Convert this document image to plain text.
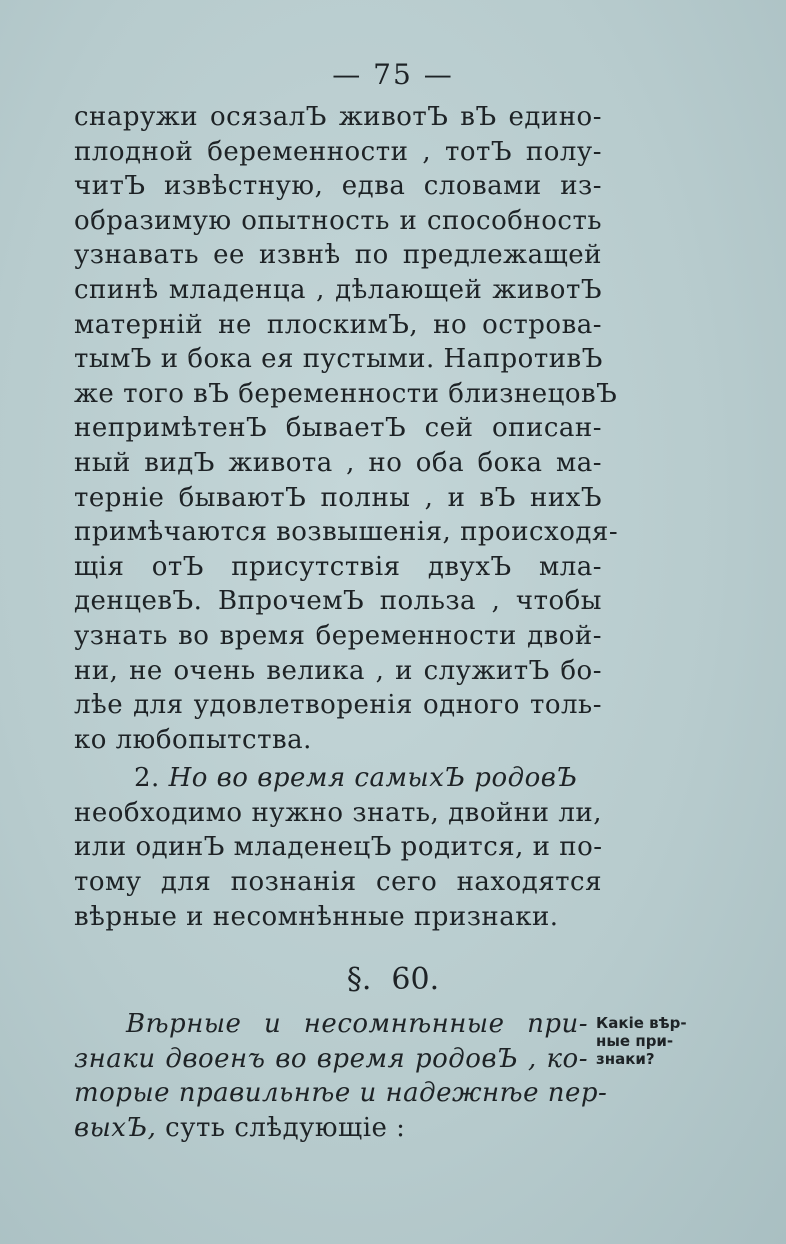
— 75 —
снаружи осязалЪ животЪ вЪ едино-
плодной беременности , тотЪ полу-
читЪ извѣстную, едва словами из-
образимую опытность и способность
узнавать ее извнѣ по предлежащей
спинѣ младенца , дѣлающей животЪ
матерній не плоскимЪ, но острова-
тымЪ и бока ея пустыми. НапротивЪ
же того вЪ беременности близнецовЪ
непримѣтенЪ бываетЪ сей описан-
ный видЪ живота , но оба бока ма-
терніе бываютЪ полны , и вЪ нихЪ
примѣчаются возвышенія, происходя-
щія отЪ присутствія двухЪ мла-
денцевЪ. ВпрочемЪ польза , чтобы
узнать во время беременности двой-
ни, не очень велика , и служитЪ бо-
лѣе для удовлетворенія одного толь-
ко любопытства.
2. Но во время самыхЪ родовЪ
необходимо нужно знать, двойни ли,
или одинЪ младенецЪ родится, и по-
тому для познанія сего находятся
вѣрные и несомнѣнные признаки.
§. 60.
Вѣрные и несомнѣнные при-
знаки двоенъ во время родовЪ , ко-
торые правильнѣе и надежнѣе пер-
выхЪ, суть слѣдующіе :
Какіе вѣр-
ные при-
знаки?
